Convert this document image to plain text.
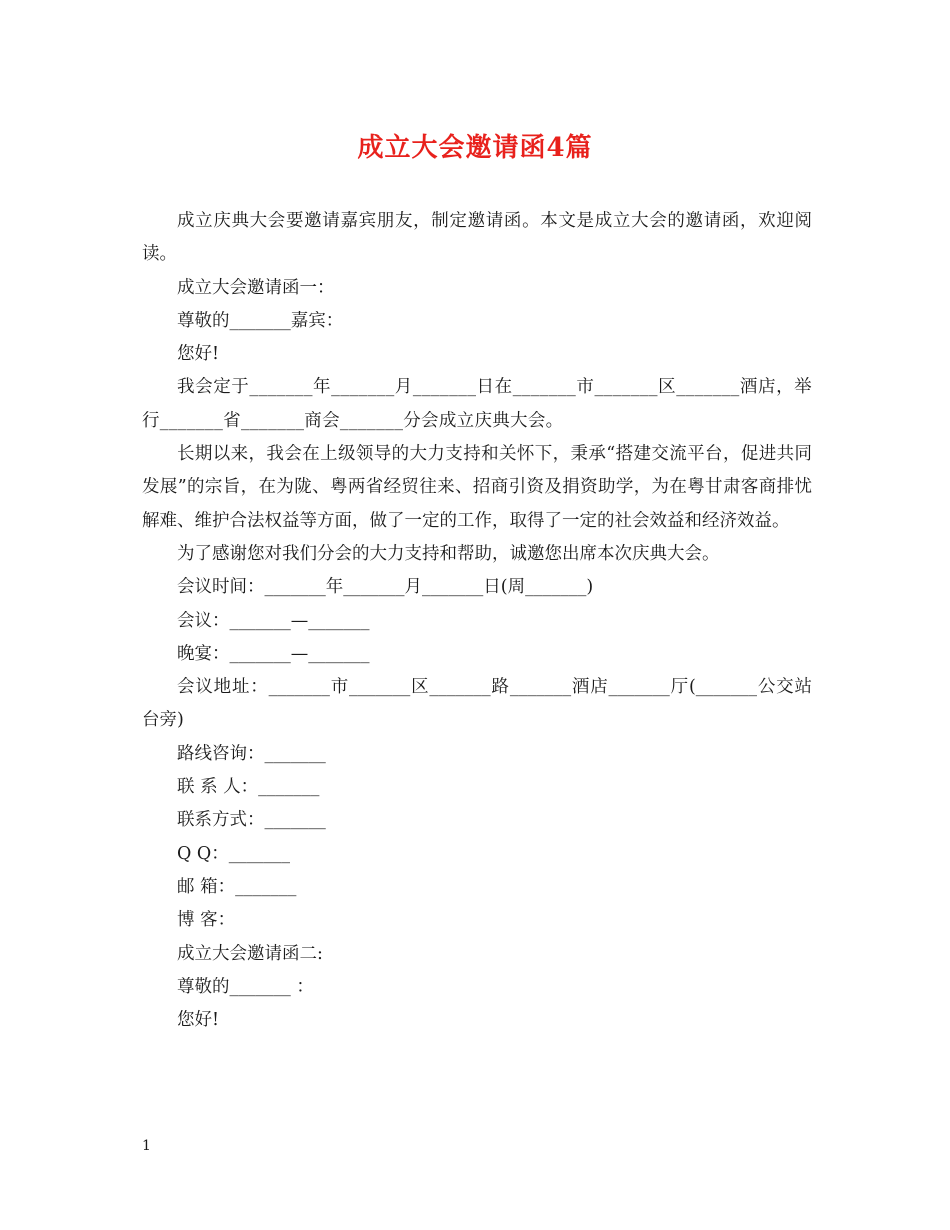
成立大会邀请函4篇

成立庆典大会要邀请嘉宾朋友，制定邀请函。本文是成立大会的邀请函，欢迎阅读。

成立大会邀请函一：

尊敬的_______嘉宾：

您好!

我会定于_______年_______月_______日在_______市_______区_______酒店，举行_______省_______商会_______分会成立庆典大会。

长期以来，我会在上级领导的大力支持和关怀下，秉承“搭建交流平台，促进共同发展”的宗旨，在为陇、粤两省经贸往来、招商引资及捐资助学，为在粤甘肃客商排忧解难、维护合法权益等方面，做了一定的工作，取得了一定的社会效益和经济效益。

为了感谢您对我们分会的大力支持和帮助，诚邀您出席本次庆典大会。

会议时间：_______年_______月_______日(周_______)

会议：_______—_______

晚宴：_______—_______

会议地址：_______市_______区_______路_______酒店_______厅(_______公交站台旁)

路线咨询：_______

联 系 人：_______

联系方式：_______

Q Q：_______

邮 箱：_______

博 客：

成立大会邀请函二:

尊敬的_______ ：

您好!

1
